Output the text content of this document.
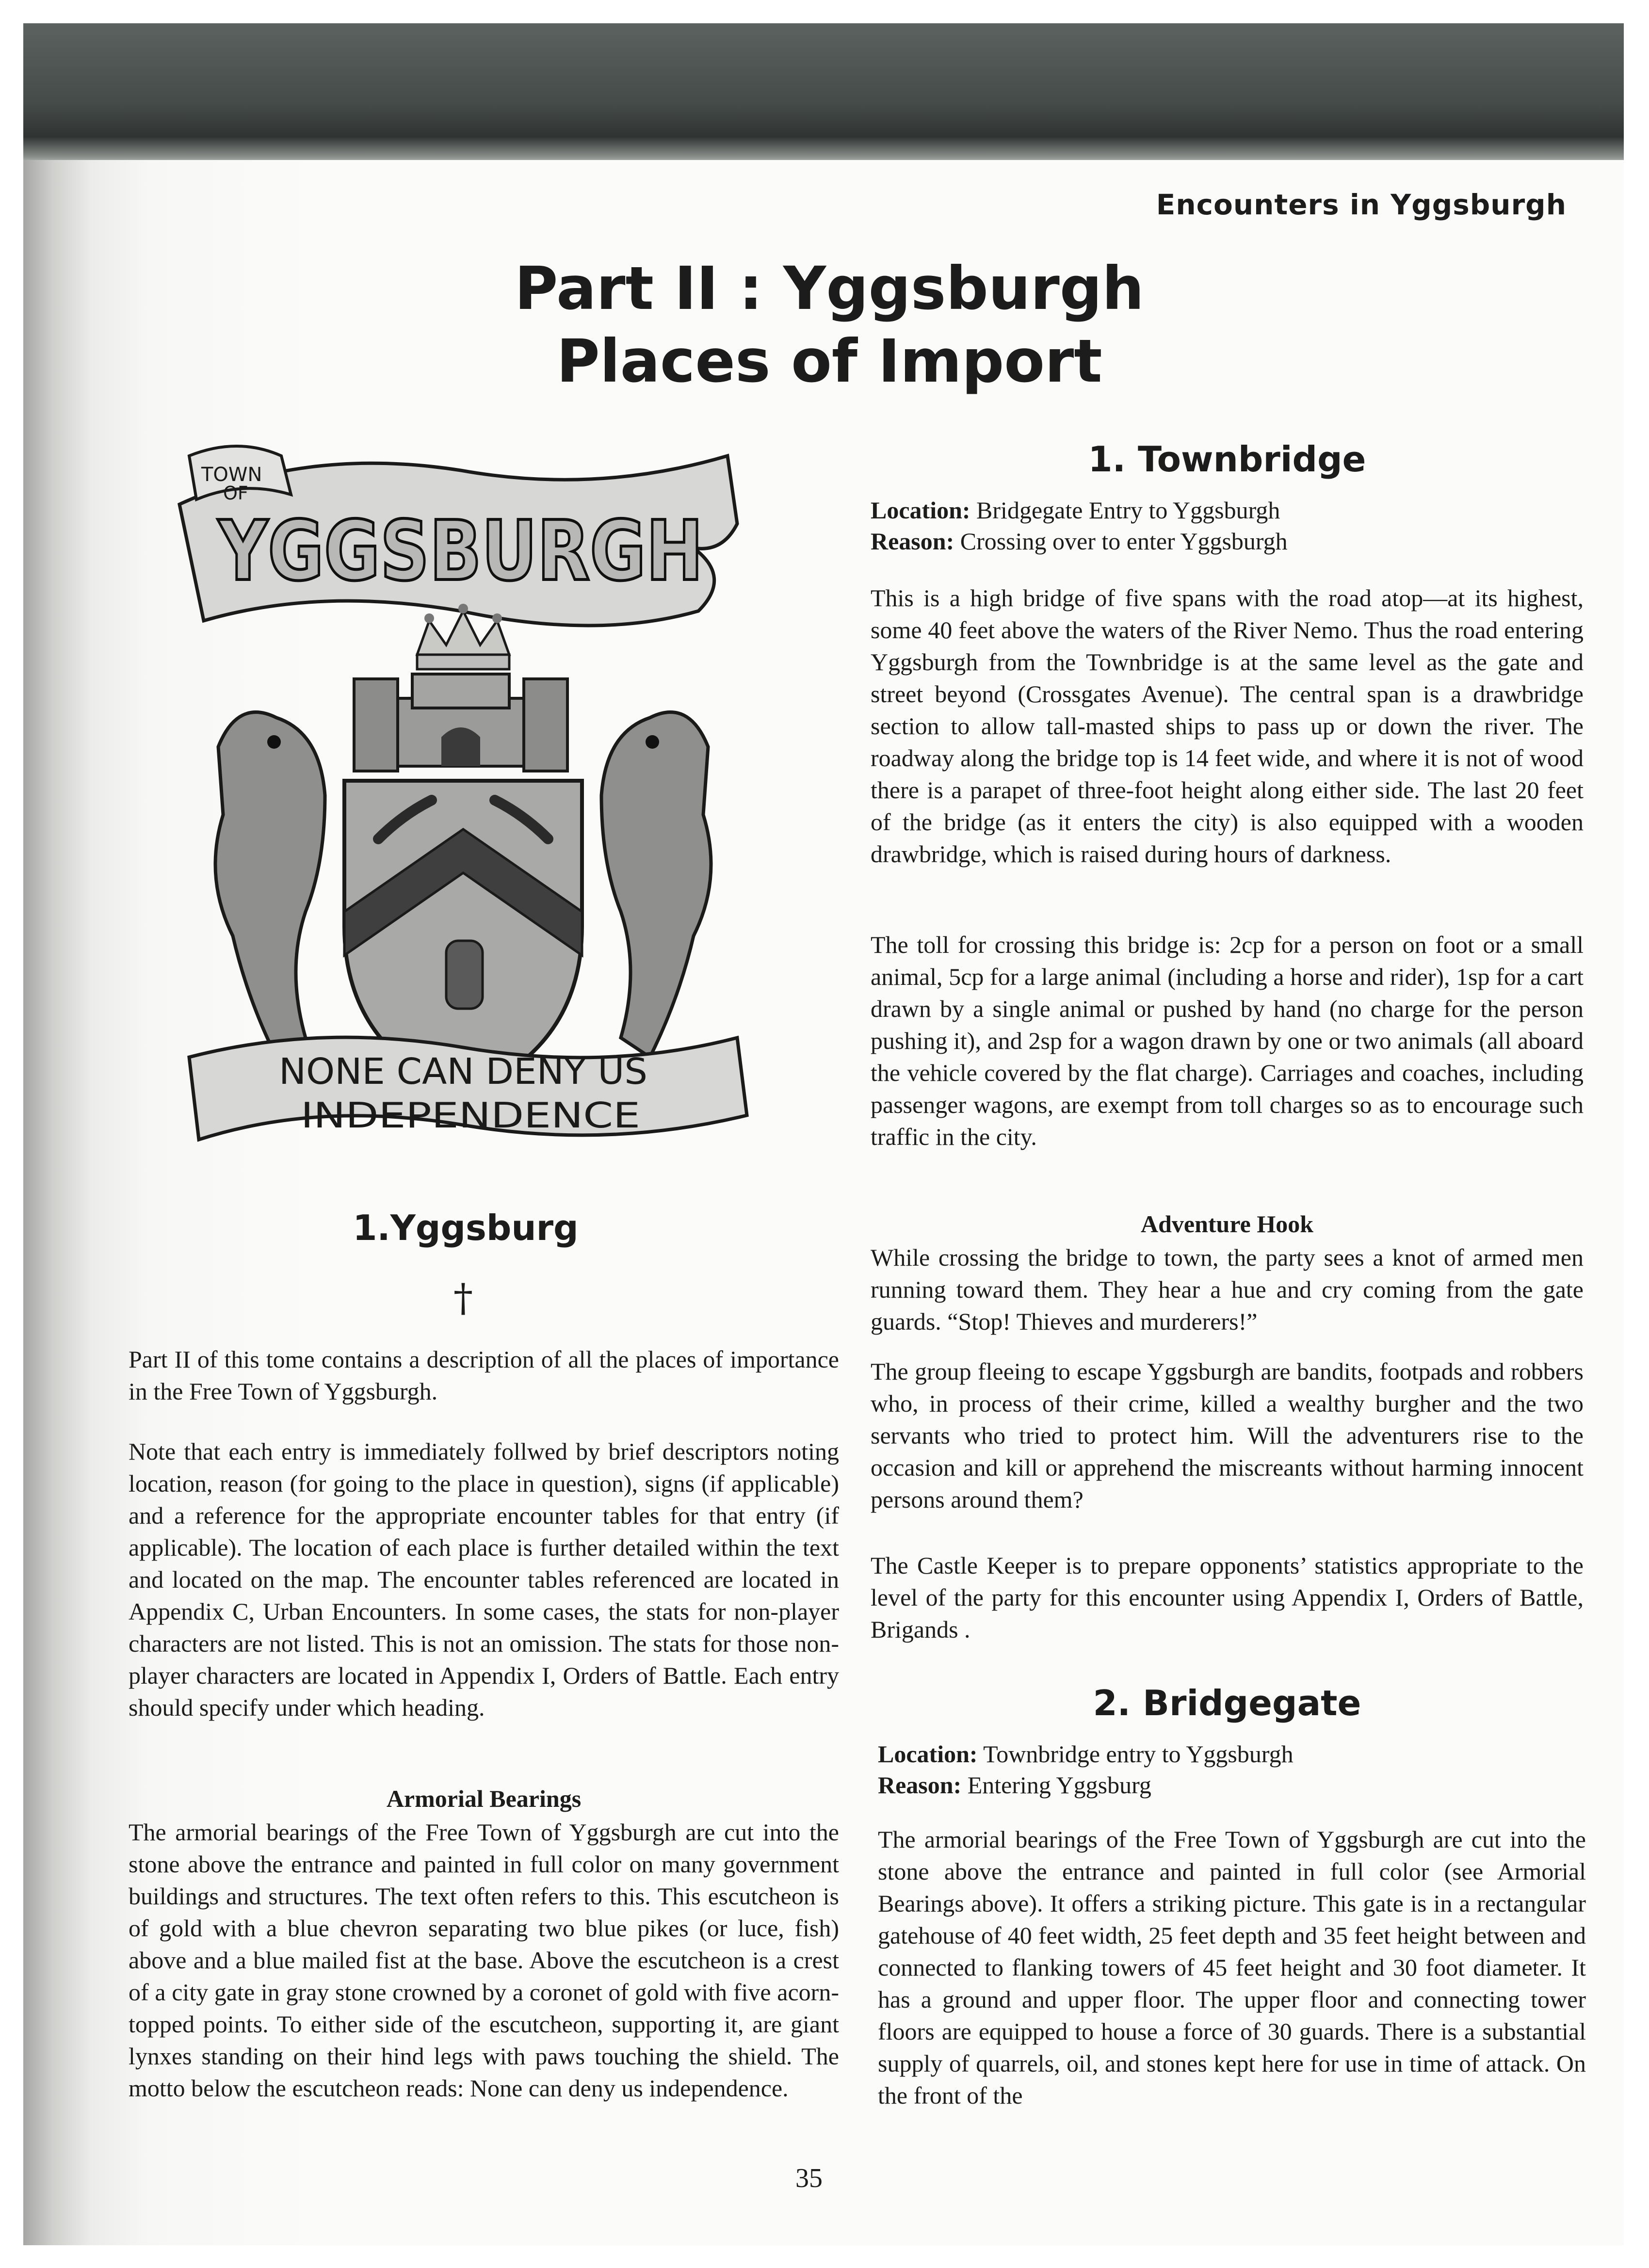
Encounters in Yggsburgh
Part II : Yggsburgh
Places of Import
TOWN
OF
YGGSBURGH
NONE CAN DENY US
INDEPENDENCE
1.Yggsburg
†

Part II of this tome contains a description of all the places of importance in the Free Town of Yggsburgh.

Note that each entry is immediately follwed by brief descriptors noting location, reason (for going to the place in question), signs (if applicable) and a reference for the appropriate encounter tables for that entry (if applicable). The location of each place is further detailed within the text and located on the map. The encounter tables referenced are located in Appendix C, Urban Encounters. In some cases, the stats for non-player characters are not listed. This is not an omission. The stats for those non-player characters are located in Appendix I, Orders of Battle. Each entry should specify under which heading.

Armorial Bearings

The armorial bearings of the Free Town of Yggsburgh are cut into the stone above the entrance and painted in full color on many government buildings and structures. The text often refers to this. This escutcheon is of gold with a blue chevron separating two blue pikes (or luce, fish) above and a blue mailed fist at the base. Above the escutcheon is a crest of a city gate in gray stone crowned by a coronet of gold with five acorn-topped points. To either side of the escutcheon, supporting it, are giant lynxes standing on their hind legs with paws touching the shield. The motto below the escutcheon reads: None can deny us independence.

1. Townbridge
Location: Bridgegate Entry to Yggsburgh
Reason: Crossing over to enter Yggsburgh

This is a high bridge of five spans with the road atop—at its highest, some 40 feet above the waters of the River Nemo. Thus the road entering Yggsburgh from the Townbridge is at the same level as the gate and street beyond (Crossgates Avenue). The central span is a drawbridge section to allow tall-masted ships to pass up or down the river. The roadway along the bridge top is 14 feet wide, and where it is not of wood there is a parapet of three-foot height along either side. The last 20 feet of the bridge (as it enters the city) is also equipped with a wooden drawbridge, which is raised during hours of darkness.

The toll for crossing this bridge is: 2cp for a person on foot or a small animal, 5cp for a large animal (including a horse and rider), 1sp for a cart drawn by a single animal or pushed by hand (no charge for the person pushing it), and 2sp for a wagon drawn by one or two animals (all aboard the vehicle covered by the flat charge). Carriages and coaches, including passenger wagons, are exempt from toll charges so as to encourage such traffic in the city.

Adventure Hook

While crossing the bridge to town, the party sees a knot of armed men running toward them. They hear a hue and cry coming from the gate guards. “Stop! Thieves and murderers!”

The group fleeing to escape Yggsburgh are bandits, footpads and robbers who, in process of their crime, killed a wealthy burgher and the two servants who tried to protect him. Will the adventurers rise to the occasion and kill or apprehend the miscreants without harming innocent persons around them?

The Castle Keeper is to prepare opponents’ statistics appropriate to the level of the party for this encounter using Appendix I, Orders of Battle, Brigands .

2. Bridgegate
Location: Townbridge entry to Yggsburgh
Reason: Entering Yggsburg

The armorial bearings of the Free Town of Yggsburgh are cut into the stone above the entrance and painted in full color (see Armorial Bearings above). It offers a striking picture. This gate is in a rectangular gatehouse of 40 feet width, 25 feet depth and 35 feet height between and connected to flanking towers of 45 feet height and 30 foot diameter. It has a ground and upper floor. The upper floor and connecting tower floors are equipped to house a force of 30 guards. There is a substantial supply of quarrels, oil, and stones kept here for use in time of attack. On the front of the

35
